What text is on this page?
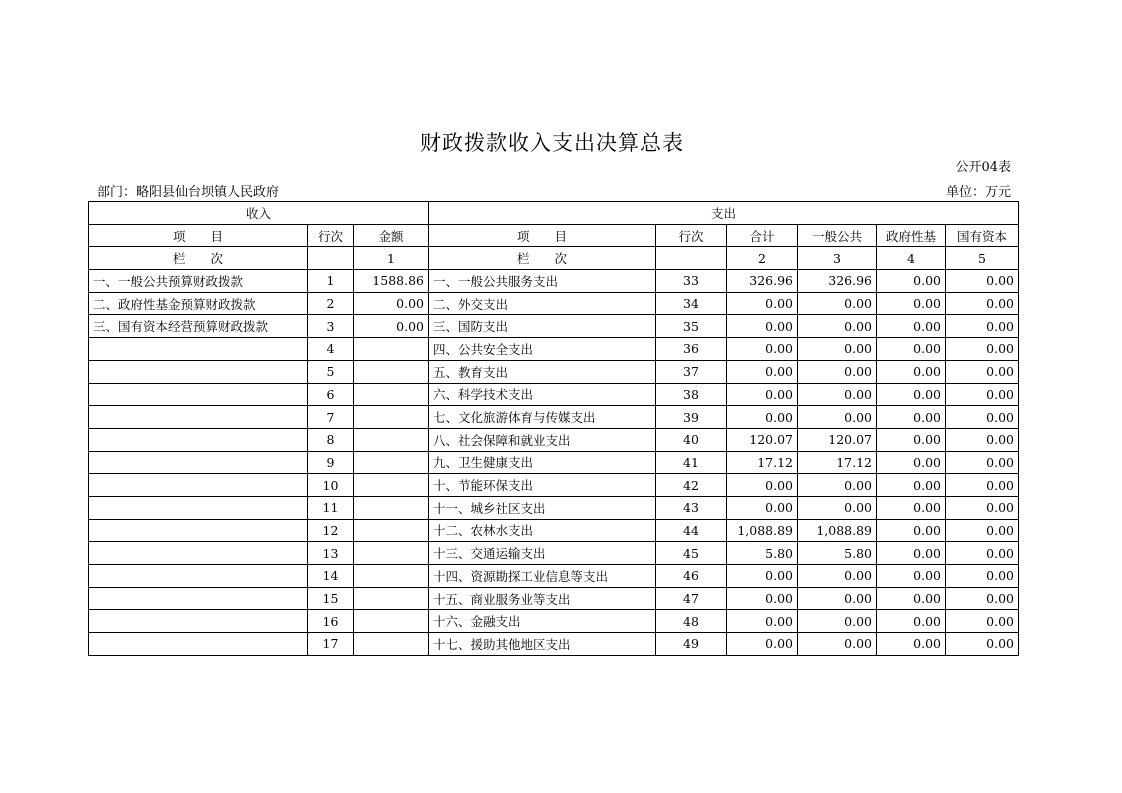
财政拨款收入支出决算总表
公开04表
部门：略阳县仙台坝镇人民政府	单位：万元
收入			支出					
项　　目	行次	金额	项　　目	行次	合计	一般公共	政府性基	国有资本
栏　　次		1	栏　　次		2	3	4	5
一、一般公共预算财政拨款	1	1588.86	一、一般公共服务支出	33	326.96	326.96	0.00	0.00
二、政府性基金预算财政拨款	2	0.00	二、外交支出	34	0.00	0.00	0.00	0.00
三、国有资本经营预算财政拨款	3	0.00	三、国防支出	35	0.00	0.00	0.00	0.00
	4		四、公共安全支出	36	0.00	0.00	0.00	0.00
	5		五、教育支出	37	0.00	0.00	0.00	0.00
	6		六、科学技术支出	38	0.00	0.00	0.00	0.00
	7		七、文化旅游体育与传媒支出	39	0.00	0.00	0.00	0.00
	8		八、社会保障和就业支出	40	120.07	120.07	0.00	0.00
	9		九、卫生健康支出	41	17.12	17.12	0.00	0.00
	10		十、节能环保支出	42	0.00	0.00	0.00	0.00
	11		十一、城乡社区支出	43	0.00	0.00	0.00	0.00
	12		十二、农林水支出	44	1,088.89	1,088.89	0.00	0.00
	13		十三、交通运输支出	45	5.80	5.80	0.00	0.00
	14		十四、资源勘探工业信息等支出	46	0.00	0.00	0.00	0.00
	15		十五、商业服务业等支出	47	0.00	0.00	0.00	0.00
	16		十六、金融支出	48	0.00	0.00	0.00	0.00
	17		十七、援助其他地区支出	49	0.00	0.00	0.00	0.00
